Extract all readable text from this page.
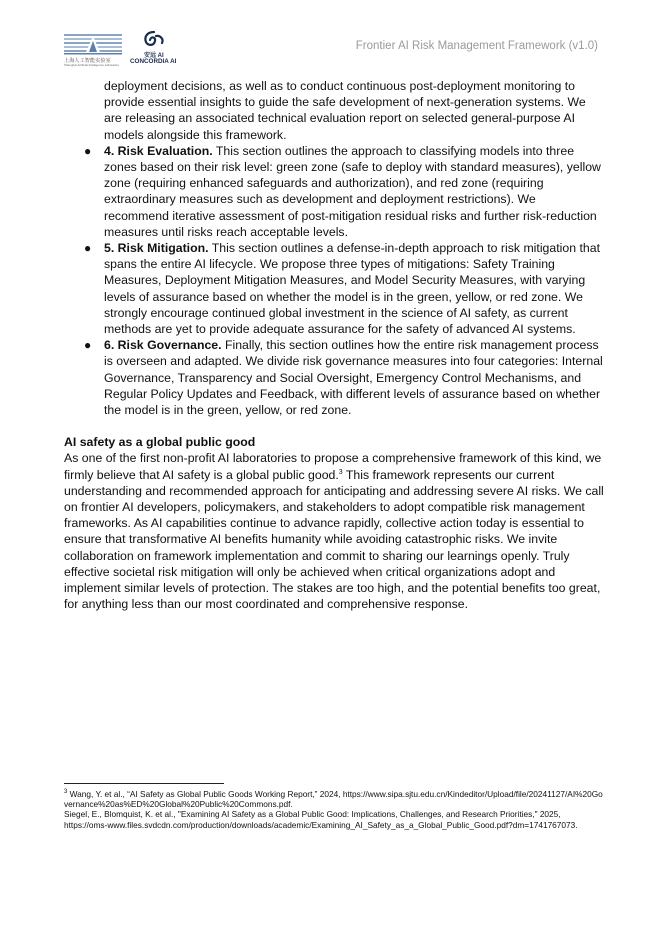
上海人工智能实验室
Shanghai Artificial Intelligence Laboratory
安远 AI
CONCORDIA AI
Frontier AI Risk Management Framework (v1.0)

deployment decisions, as well as to conduct continuous post-deployment monitoring to provide essential insights to guide the safe development of next-generation systems. We are releasing an associated technical evaluation report on selected general-purpose AI models alongside this framework.

● 4. Risk Evaluation. This section outlines the approach to classifying models into three zones based on their risk level: green zone (safe to deploy with standard measures), yellow zone (requiring enhanced safeguards and authorization), and red zone (requiring extraordinary measures such as development and deployment restrictions). We recommend iterative assessment of post-mitigation residual risks and further risk-reduction measures until risks reach acceptable levels.
● 5. Risk Mitigation. This section outlines a defense-in-depth approach to risk mitigation that spans the entire AI lifecycle. We propose three types of mitigations: Safety Training Measures, Deployment Mitigation Measures, and Model Security Measures, with varying levels of assurance based on whether the model is in the green, yellow, or red zone. We strongly encourage continued global investment in the science of AI safety, as current methods are yet to provide adequate assurance for the safety of advanced AI systems.
● 6. Risk Governance. Finally, this section outlines how the entire risk management process is overseen and adapted. We divide risk governance measures into four categories: Internal Governance, Transparency and Social Oversight, Emergency Control Mechanisms, and Regular Policy Updates and Feedback, with different levels of assurance based on whether the model is in the green, yellow, or red zone.
AI safety as a global public good

As one of the first non-profit AI laboratories to propose a comprehensive framework of this kind, we firmly believe that AI safety is a global public good.$^3$ This framework represents our current understanding and recommended approach for anticipating and addressing severe AI risks. We call on frontier AI developers, policymakers, and stakeholders to adopt compatible risk management frameworks. As AI capabilities continue to advance rapidly, collective action today is essential to ensure that transformative AI benefits humanity while avoiding catastrophic risks. We invite collaboration on framework implementation and commit to sharing our learnings openly. Truly effective societal risk mitigation will only be achieved when critical organizations adopt and implement similar levels of protection. The stakes are too high, and the potential benefits too great, for anything less than our most coordinated and comprehensive response.

$^3$ Wang, Y. et al., “AI Safety as Global Public Goods Working Report,” 2024, https://www.sipa.sjtu.edu.cn/Kindeditor/Upload/file/20241127/AI%20Governance%20as%ED%20Global%20Public%20Commons.pdf.

Siegel, E., Blomquist, K. et al., "Examining AI Safety as a Global Public Good: Implications, Challenges, and Research Priorities," 2025,

https://oms-www.files.svdcdn.com/production/downloads/academic/Examining_AI_Safety_as_a_Global_Public_Good.pdf?dm=1741767073.
